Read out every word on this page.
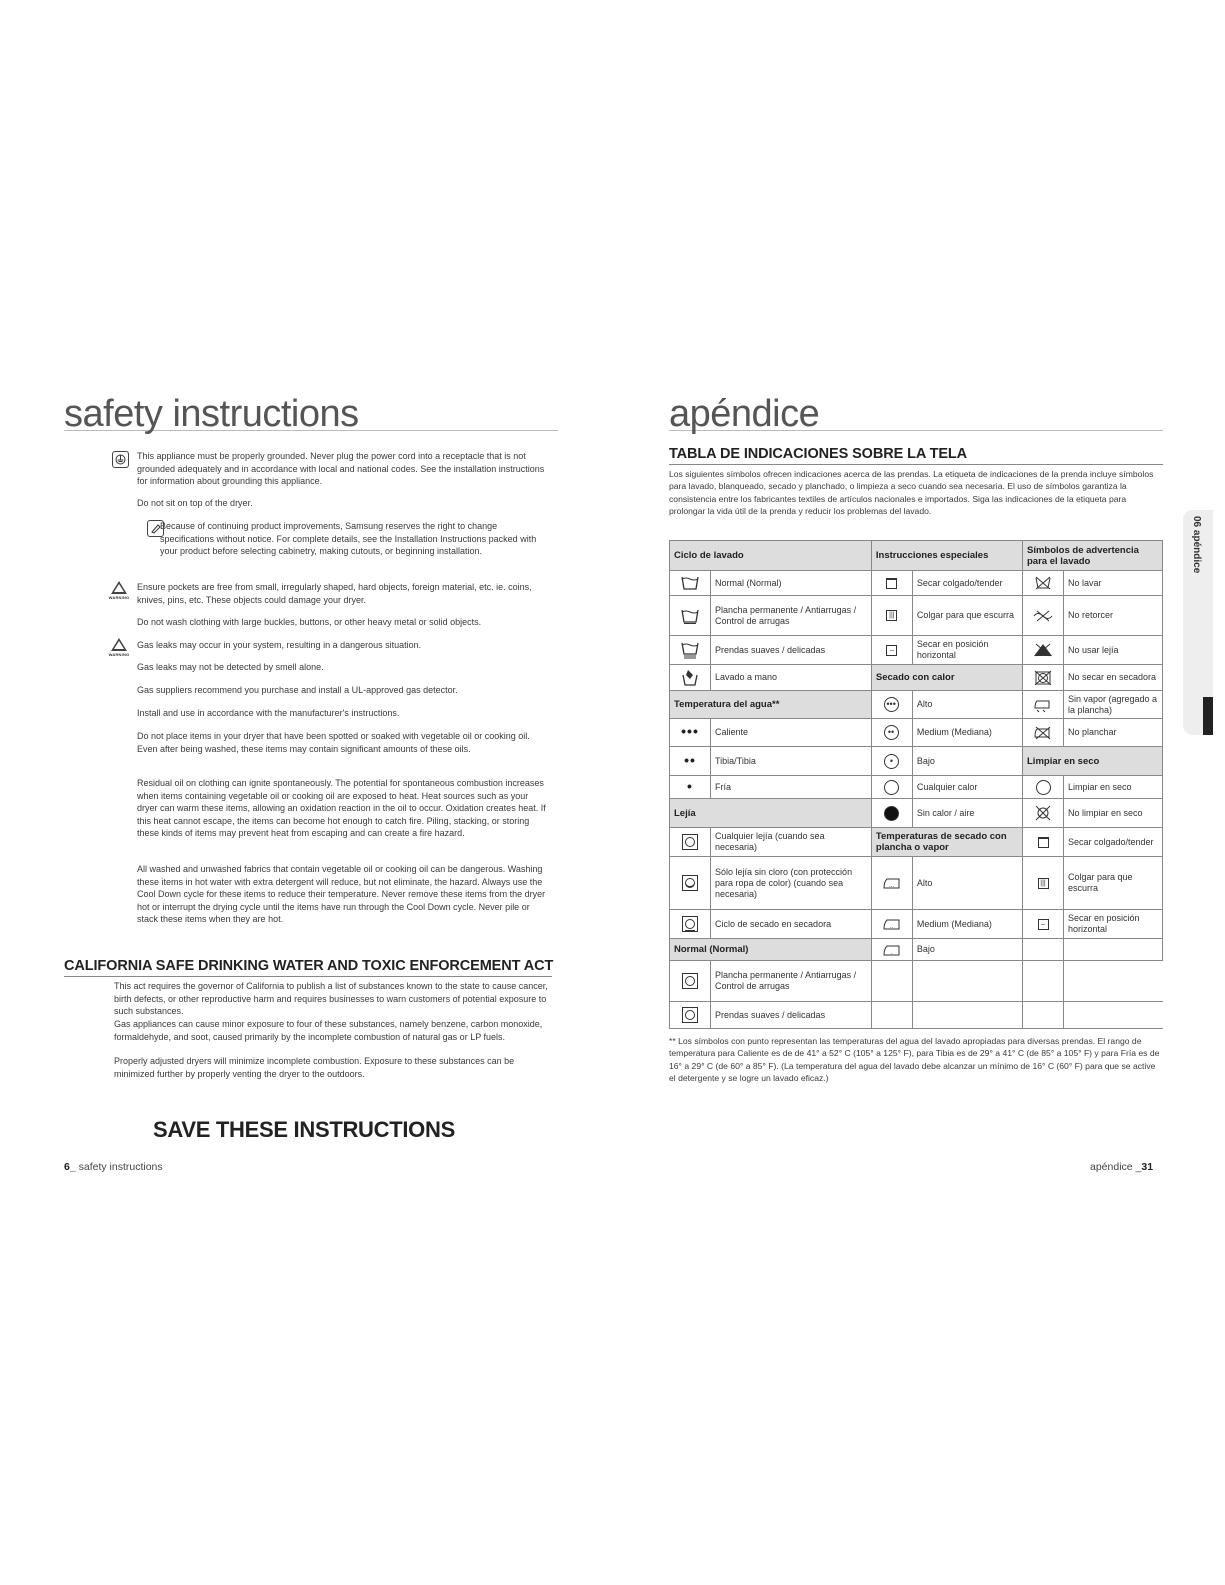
safety instructions

This appliance must be properly grounded. Never plug the power cord into a receptacle that is not grounded adequately and in accordance with local and national codes. See the installation instructions for information about grounding this appliance.

Do not sit on top of the dryer.

Because of continuing product improvements, Samsung reserves the right to change specifications without notice. For complete details, see the Installation Instructions packed with your product before selecting cabinetry, making cutouts, or beginning installation.

WARNING

Ensure pockets are free from small, irregularly shaped, hard objects, foreign material, etc. ie. coins, knives, pins, etc. These objects could damage your dryer.

Do not wash clothing with large buckles, buttons, or other heavy metal or solid objects.

WARNING

Gas leaks may occur in your system, resulting in a dangerous situation.

Gas leaks may not be detected by smell alone.

Gas suppliers recommend you purchase and install a UL-approved gas detector.

Install and use in accordance with the manufacturer's instructions.

Do not place items in your dryer that have been spotted or soaked with vegetable oil or cooking oil. Even after being washed, these items may contain significant amounts of these oils.

Residual oil on clothing can ignite spontaneously. The potential for spontaneous combustion increases when items containing vegetable oil or cooking oil are exposed to heat. Heat sources such as your dryer can warm these items, allowing an oxidation reaction in the oil to occur. Oxidation creates heat. If this heat cannot escape, the items can become hot enough to catch fire. Piling, stacking, or storing these kinds of items may prevent heat from escaping and can create a fire hazard.

All washed and unwashed fabrics that contain vegetable oil or cooking oil can be dangerous. Washing these items in hot water with extra detergent will reduce, but not eliminate, the hazard. Always use the Cool Down cycle for these items to reduce their temperature. Never remove these items from the dryer hot or interrupt the drying cycle until the items have run through the Cool Down cycle. Never pile or stack these items when they are hot.

CALIFORNIA SAFE DRINKING WATER AND TOXIC ENFORCEMENT ACT

This act requires the governor of California to publish a list of substances known to the state to cause cancer, birth defects, or other reproductive harm and requires businesses to warn customers of potential exposure to such substances.

Gas appliances can cause minor exposure to four of these substances, namely benzene, carbon monoxide, formaldehyde, and soot, caused primarily by the incomplete combustion of natural gas or LP fuels.

Properly adjusted dryers will minimize incomplete combustion. Exposure to these substances can be minimized further by properly venting the dryer to the outdoors.

SAVE THESE INSTRUCTIONS
6_ safety instructions
apéndice
TABLA DE INDICACIONES SOBRE LA TELA

Los siguientes símbolos ofrecen indicaciones acerca de las prendas. La etiqueta de indicaciones de la prenda incluye símbolos para lavado, blanqueado, secado y planchado, o limpieza a seco cuando sea necesaria. El uso de símbolos garantiza la consistencia entre los fabricantes textiles de artículos nacionales e importados. Siga las indicaciones de la etiqueta para prolongar la vida útil de la prenda y reducir los problemas del lavado.

06 apéndice
Ciclo de lavado		Instrucciones especiales		Símbolos de advertencia para el lavado	
	Normal (Normal)		Secar colgado/tender		No lavar
	Plancha permanente / Antiarrugas / Control de arrugas	|||	Colgar para que escurra		No retorcer
	Prendas suaves / delicadas	–	Secar en posición horizontal		No usar lejía
	Lavado a mano	Secado con calor			No secar en secadora
Temperatura del agua**		•••	Alto		Sin vapor (agregado a la plancha)
•••	Caliente	••	Medium (Mediana)		No planchar
••	Tibia/Tibia	•	Bajo	Limpiar en seco	
•	Fría		Cualquier calor		Limpiar en seco
Lejía			Sin calor / aire		No limpiar en seco

	Cualquier lejía (cuando sea necesaria)	Temperaturas de secado con plancha o vapor			Secar colgado/tender

	Sólo lejía sin cloro (con protección para ropa de color) (cuando sea necesaria)	...	Alto	|||	Colgar para que escurra

	Ciclo de secado en secadora	..	Medium (Mediana)	–	Secar en posición horizontal
Normal (Normal)		.	Bajo		

	Plancha permanente / Antiarrugas / Control de arrugas				

	Prendas suaves / delicadas				

** Los símbolos con punto representan las temperaturas del agua del lavado apropiadas para diversas prendas. El rango de temperatura para Caliente es de de 41° a 52° C (105° a 125° F), para Tibia es de 29° a 41° C (de 85° a 105° F) y para Fría es de 16° a 29° C (de 60° a 85° F). (La temperatura del agua del lavado debe alcanzar un mínimo de 16° C (60° F) para que se active el detergente y se logre un lavado eficaz.)

apéndice _31
